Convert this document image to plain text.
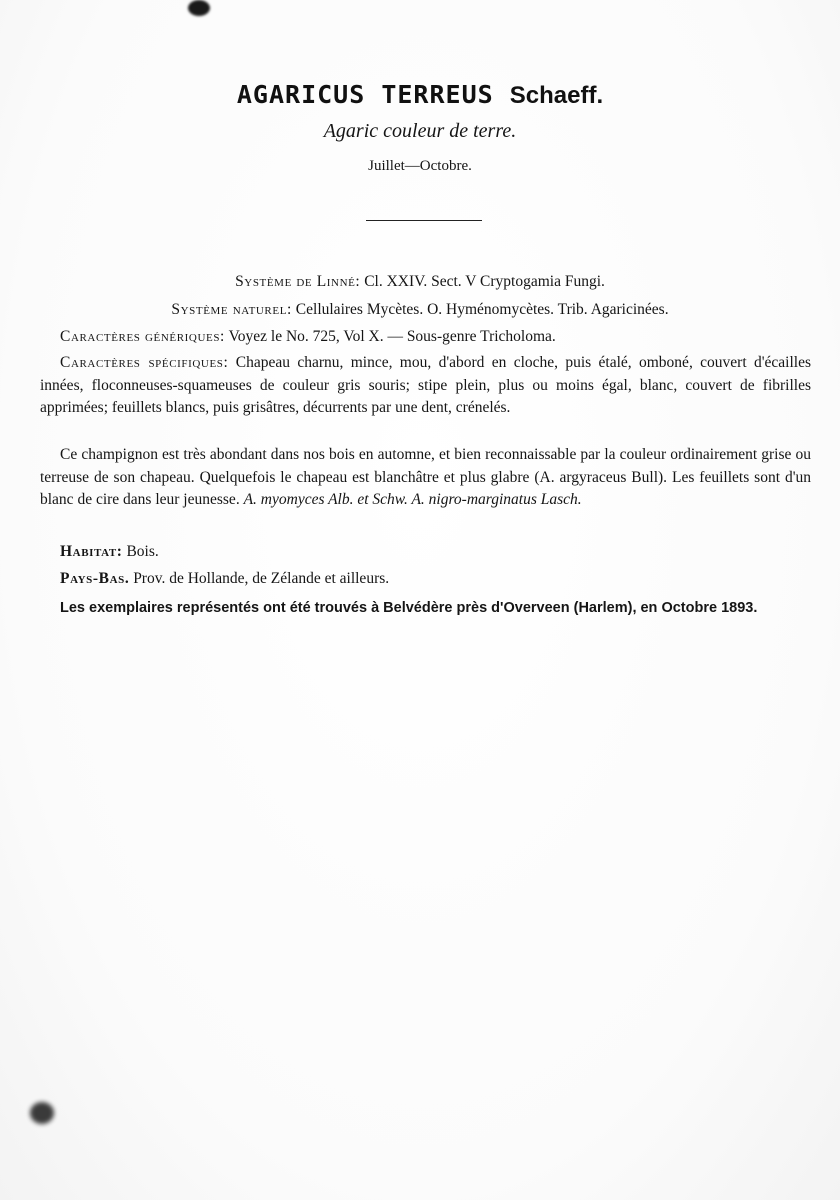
AGARICUS TERREUS Schaeff.
Agaric couleur de terre.
Juillet—Octobre.
Système de Linné: Cl. XXIV. Sect. V Cryptogamia Fungi.
Système naturel: Cellulaires Mycètes. O. Hyménomycètes. Trib. Agaricinées.
Caractères génériques: Voyez le No. 725, Vol X. — Sous-genre Tricholoma.
Caractères spécifiques: Chapeau charnu, mince, mou, d'abord en cloche, puis étalé, omboné, couvert d'écailles innées, floconneuses-squameuses de couleur gris souris; stipe plein, plus ou moins égal, blanc, couvert de fibrilles apprimées; feuillets blancs, puis grisâtres, décurrents par une dent, crénelés.
Ce champignon est très abondant dans nos bois en automne, et bien reconnaissable par la couleur ordinairement grise ou terreuse de son chapeau. Quelquefois le chapeau est blanchâtre et plus glabre (A. argyraceus Bull). Les feuillets sont d'un blanc de cire dans leur jeunesse. A. myomyces Alb. et Schw. A. nigro-marginatus Lasch.
Habitat: Bois.
Pays-Bas. Prov. de Hollande, de Zélande et ailleurs.
Les exemplaires représentés ont été trouvés à Belvédère près d'Overveen (Harlem), en Octobre 1893.
